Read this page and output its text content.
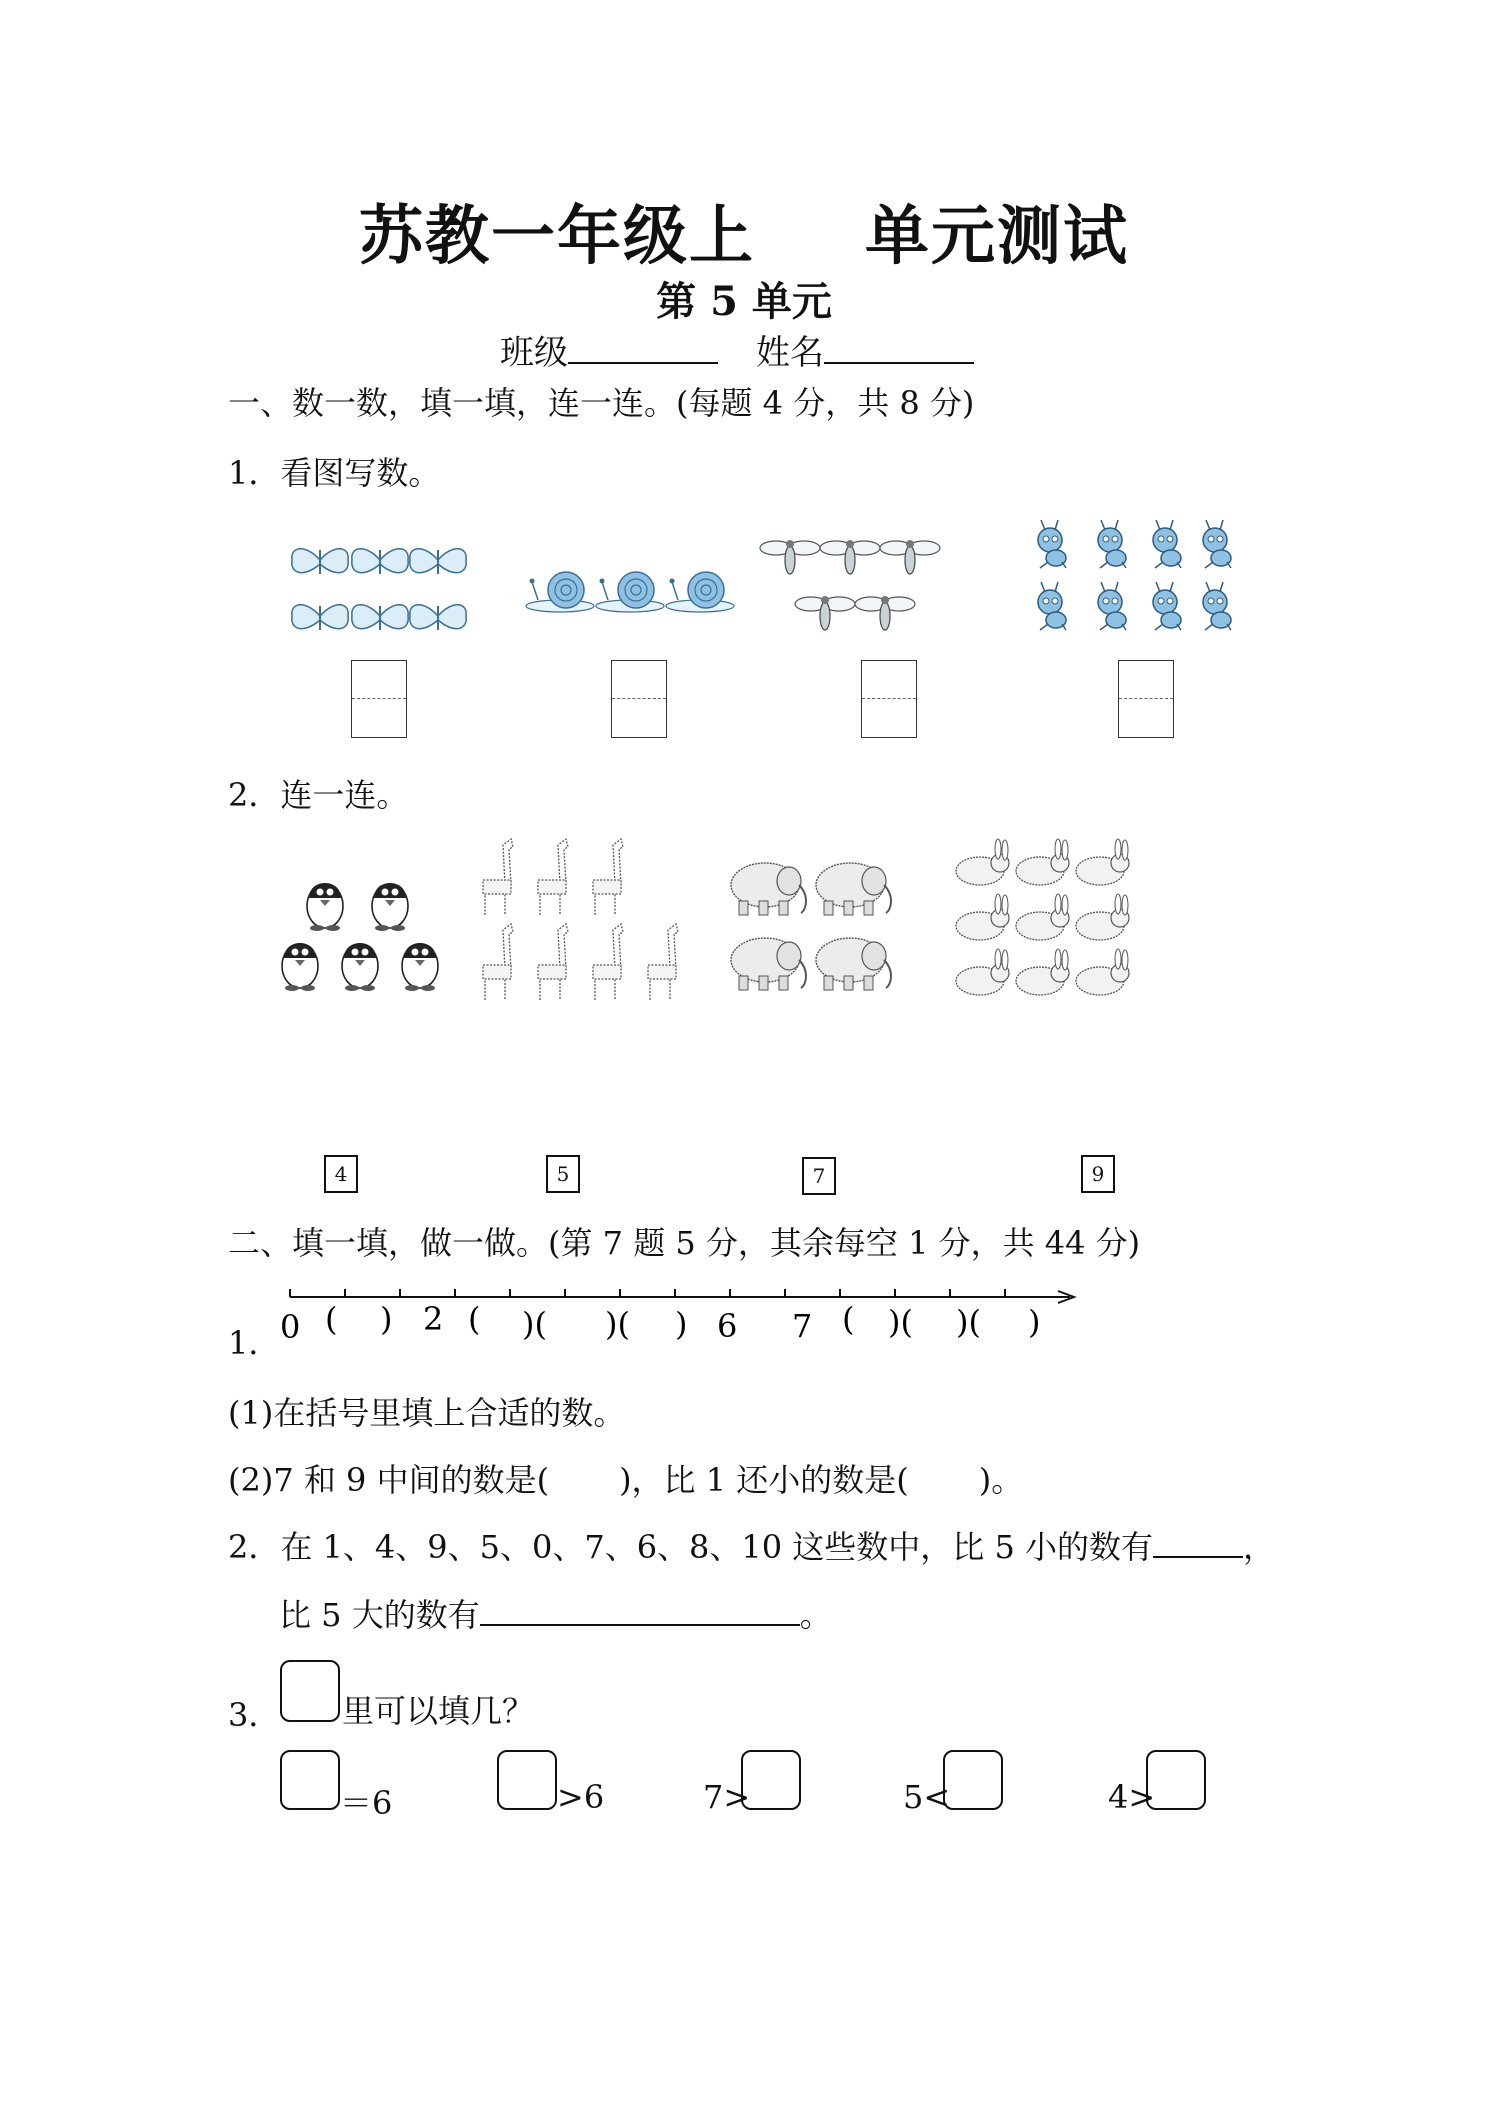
苏教一年级上 单元测试
第 5 单元
班级	姓名
一、数一数，填一填，连一连。(每题 4 分，共 8 分)
1．看图写数。
2．连一连。
4	5	7	9
二、填一填，做一做。(第 7 题 5 分，其余每空 1 分，共 44 分)
1． 0 ( ) 2 ( )( )( ) 6 7 ( )( )( )
(1)在括号里填上合适的数。
(2)7 和 9 中间的数是( )，比 1 还小的数是( )。
2．在 1、4、9、5、0、7、6、8、10 这些数中，比 5 小的数有	，
比 5 大的数有	。
3． 里可以填几？
＝6	>6	7>	5<	4>
